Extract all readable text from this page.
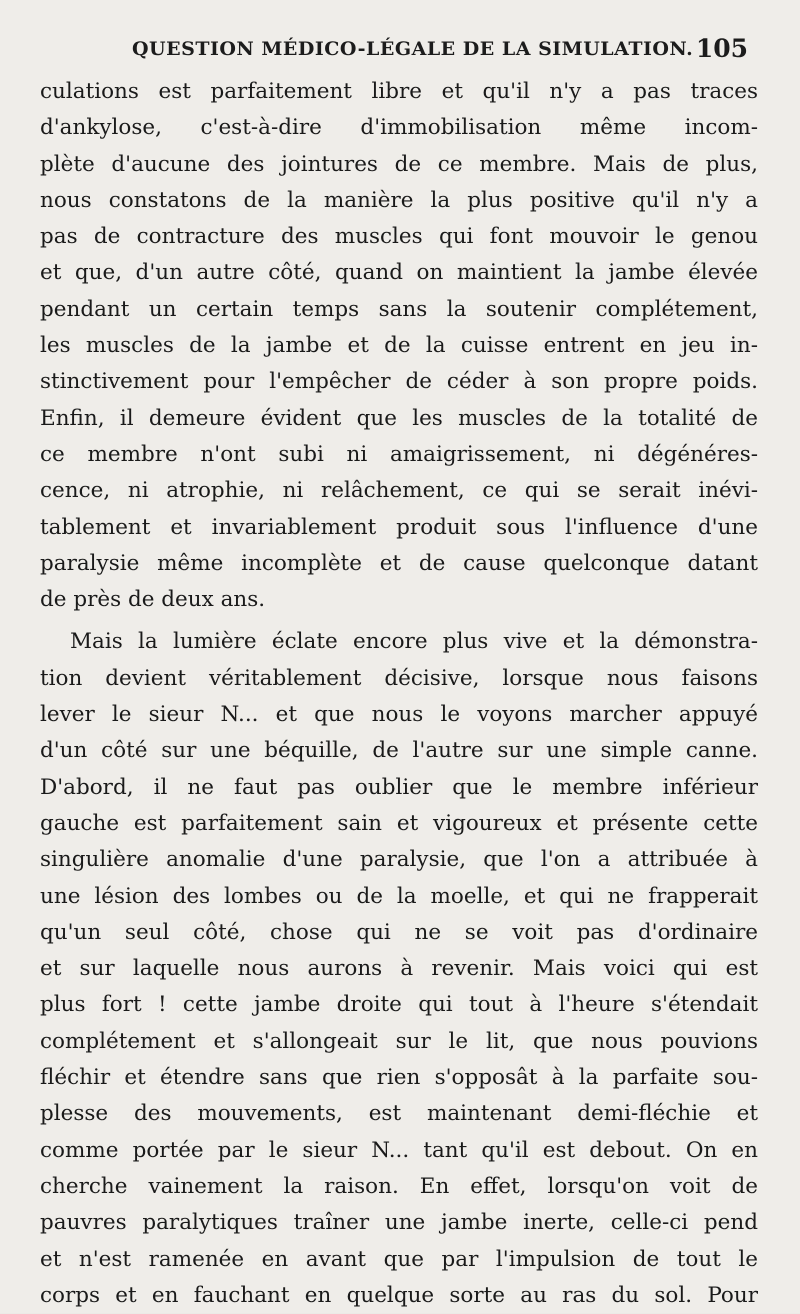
QUESTION MÉDICO-LÉGALE DE LA SIMULATION. 105
culations est parfaitement libre et qu'il n'y a pas traces
d'ankylose, c'est-à-dire d'immobilisation même incom-
plète d'aucune des jointures de ce membre. Mais de plus,
nous constatons de la manière la plus positive qu'il n'y a
pas de contracture des muscles qui font mouvoir le genou
et que, d'un autre côté, quand on maintient la jambe élevée
pendant un certain temps sans la soutenir complétement,
les muscles de la jambe et de la cuisse entrent en jeu in-
stinctivement pour l'empêcher de céder à son propre poids.
Enfin, il demeure évident que les muscles de la totalité de
ce membre n'ont subi ni amaigrissement, ni dégénéres-
cence, ni atrophie, ni relâchement, ce qui se serait inévi-
tablement et invariablement produit sous l'influence d'une
paralysie même incomplète et de cause quelconque datant
de près de deux ans.
Mais la lumière éclate encore plus vive et la démonstra-
tion devient véritablement décisive, lorsque nous faisons
lever le sieur N... et que nous le voyons marcher appuyé
d'un côté sur une béquille, de l'autre sur une simple canne.
D'abord, il ne faut pas oublier que le membre inférieur
gauche est parfaitement sain et vigoureux et présente cette
singulière anomalie d'une paralysie, que l'on a attribuée à
une lésion des lombes ou de la moelle, et qui ne frapperait
qu'un seul côté, chose qui ne se voit pas d'ordinaire
et sur laquelle nous aurons à revenir. Mais voici qui est
plus fort ! cette jambe droite qui tout à l'heure s'étendait
complétement et s'allongeait sur le lit, que nous pouvions
fléchir et étendre sans que rien s'opposât à la parfaite sou-
plesse des mouvements, est maintenant demi-fléchie et
comme portée par le sieur N... tant qu'il est debout. On en
cherche vainement la raison. En effet, lorsqu'on voit de
pauvres paralytiques traîner une jambe inerte, celle-ci pend
et n'est ramenée en avant que par l'impulsion de tout le
corps et en fauchant en quelque sorte au ras du sol. Pour
